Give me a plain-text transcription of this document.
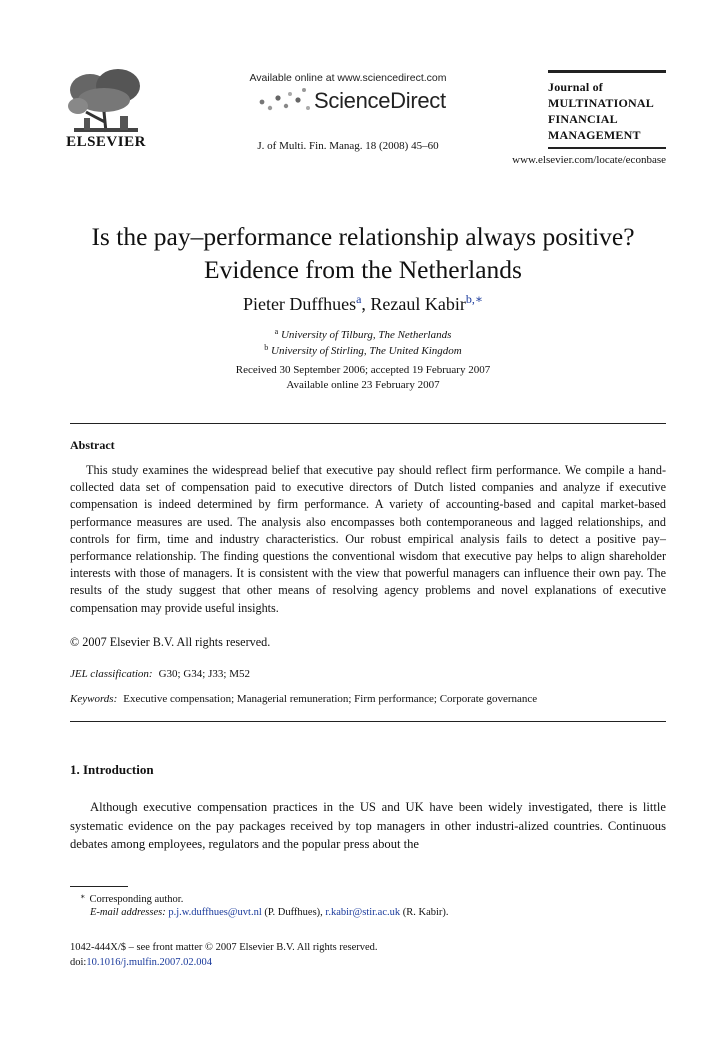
ELSEVIER
Available online at www.sciencedirect.com
ScienceDirect
J. of Multi. Fin. Manag. 18 (2008) 45–60
Journal of
MULTINATIONAL
FINANCIAL
MANAGEMENT
www.elsevier.com/locate/econbase
Is the pay–performance relationship always positive?
Evidence from the Netherlands
Pieter Duffhues$^a$, Rezaul Kabir$^{b,∗}$
$^a$ University of Tilburg, The Netherlands
$^b$ University of Stirling, The United Kingdom
Received 30 September 2006; accepted 19 February 2007
Available online 23 February 2007
Abstract

This study examines the widespread belief that executive pay should reflect firm performance. We compile a hand-collected data set of compensation paid to executive directors of Dutch listed companies and analyze if executive compensation is indeed determined by firm performance. A variety of accounting-based and capital market-based performance measures are used. The analysis also encompasses both contemporaneous and lagged relationships, and controls for firm, time and industry characteristics. Our robust empirical analysis fails to detect a positive pay–performance relationship. The finding questions the conventional wisdom that executive pay helps to align shareholder interests with those of managers. It is consistent with the view that powerful managers can influence their own pay. The results of the study suggest that other means of resolving agency problems and novel explanations of executive compensation may provide useful insights.

© 2007 Elsevier B.V. All rights reserved.
JEL classification: G30; G34; J33; M52
Keywords: Executive compensation; Managerial remuneration; Firm performance; Corporate governance
1. Introduction

Although executive compensation practices in the US and UK have been widely investigated, there is little systematic evidence on the pay packages received by top managers in other industri-alized countries. Continuous debates among employees, regulators and the popular press about the

∗ Corresponding author.
E-mail addresses: p.j.w.duffhues@uvt.nl (P. Duffhues), r.kabir@stir.ac.uk (R. Kabir).
1042-444X/$ – see front matter © 2007 Elsevier B.V. All rights reserved.
doi:10.1016/j.mulfin.2007.02.004
